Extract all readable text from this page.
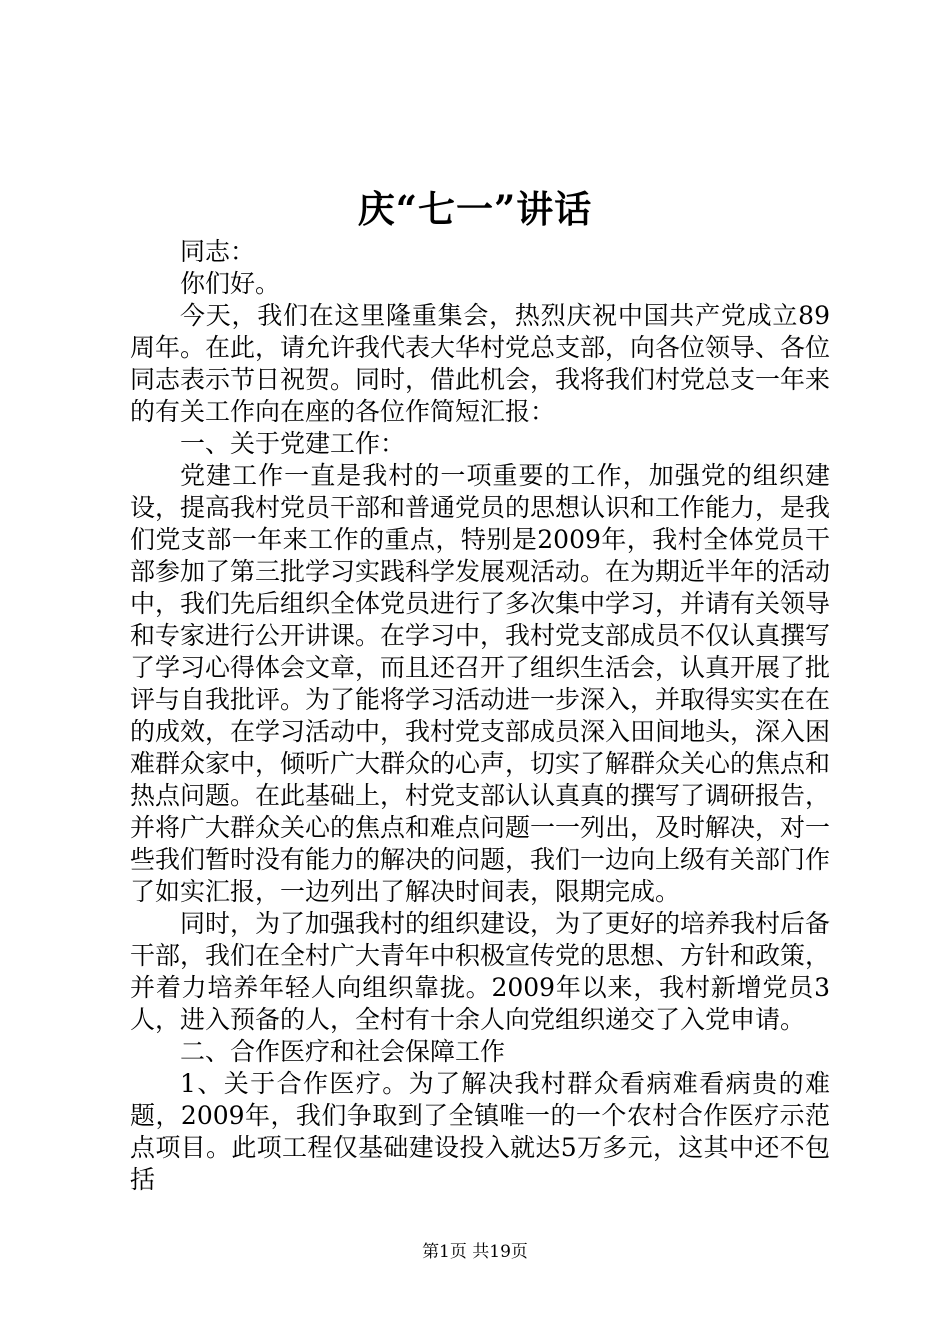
庆“七一”讲话

同志：

你们好。

今天，我们在这里隆重集会，热烈庆祝中国共产党成立89周年。在此，请允许我代表大华村党总支部，向各位领导、各位同志表示节日祝贺。同时，借此机会，我将我们村党总支一年来的有关工作向在座的各位作简短汇报：

一、关于党建工作：

党建工作一直是我村的一项重要的工作，加强党的组织建设，提高我村党员干部和普通党员的思想认识和工作能力，是我们党支部一年来工作的重点，特别是2009年，我村全体党员干部参加了第三批学习实践科学发展观活动。在为期近半年的活动中，我们先后组织全体党员进行了多次集中学习，并请有关领导和专家进行公开讲课。在学习中，我村党支部成员不仅认真撰写了学习心得体会文章，而且还召开了组织生活会，认真开展了批评与自我批评。为了能将学习活动进一步深入，并取得实实在在的成效，在学习活动中，我村党支部成员深入田间地头，深入困难群众家中，倾听广大群众的心声，切实了解群众关心的焦点和热点问题。在此基础上，村党支部认认真真的撰写了调研报告，并将广大群众关心的焦点和难点问题一一列出，及时解决，对一些我们暂时没有能力的解决的问题，我们一边向上级有关部门作了如实汇报，一边列出了解决时间表，限期完成。

同时，为了加强我村的组织建设，为了更好的培养我村后备干部，我们在全村广大青年中积极宣传党的思想、方针和政策，并着力培养年轻人向组织靠拢。2009年以来，我村新增党员3人，进入预备的人，全村有十余人向党组织递交了入党申请。

二、合作医疗和社会保障工作

1、关于合作医疗。为了解决我村群众看病难看病贵的难题，2009年，我们争取到了全镇唯一的一个农村合作医疗示范点项目。此项工程仅基础建设投入就达5万多元，这其中还不包括

第1页 共19页
